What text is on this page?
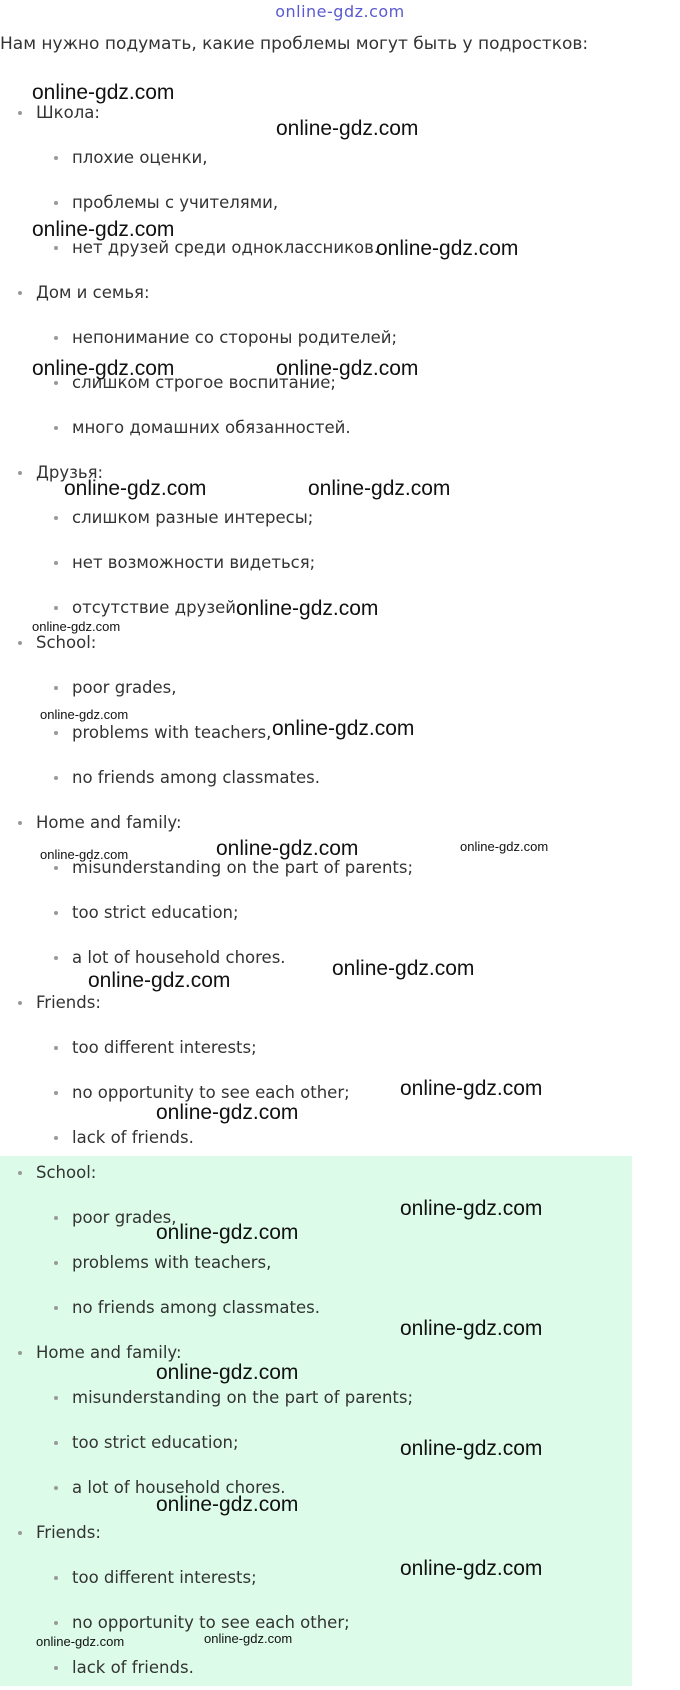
online-gdz.com
Нам нужно подумать, какие проблемы могут быть у подростков:
Школа:
плохие оценки,
проблемы с учителями,
нет друзей среди одноклассников.
Дом и семья:
непонимание со стороны родителей;
слишком строгое воспитание;
много домашних обязанностей.
Друзья:
слишком разные интересы;
нет возможности видеться;
отсутствие друзей.
School:
poor grades,
problems with teachers,
no friends among classmates.
Home and family:
misunderstanding on the part of parents;
too strict education;
a lot of household chores.
Friends:
too different interests;
no opportunity to see each other;
lack of friends.
School:
poor grades,
problems with teachers,
no friends among classmates.
Home and family:
misunderstanding on the part of parents;
too strict education;
a lot of household chores.
Friends:
too different interests;
no opportunity to see each other;
lack of friends.
online-gdz.com
online-gdz.com
online-gdz.com
online-gdz.com
online-gdz.com	online-gdz.com
online-gdz.com	online-gdz.com
online-gdz.com
online-gdz.com
online-gdz.com
online-gdz.com
online-gdz.com
online-gdz.com
online-gdz.com
online-gdz.com
online-gdz.com
online-gdz.com
online-gdz.com
online-gdz.com
online-gdz.com
online-gdz.com
online-gdz.com
online-gdz.com
online-gdz.com
online-gdz.com
online-gdz.com	online-gdz.com
